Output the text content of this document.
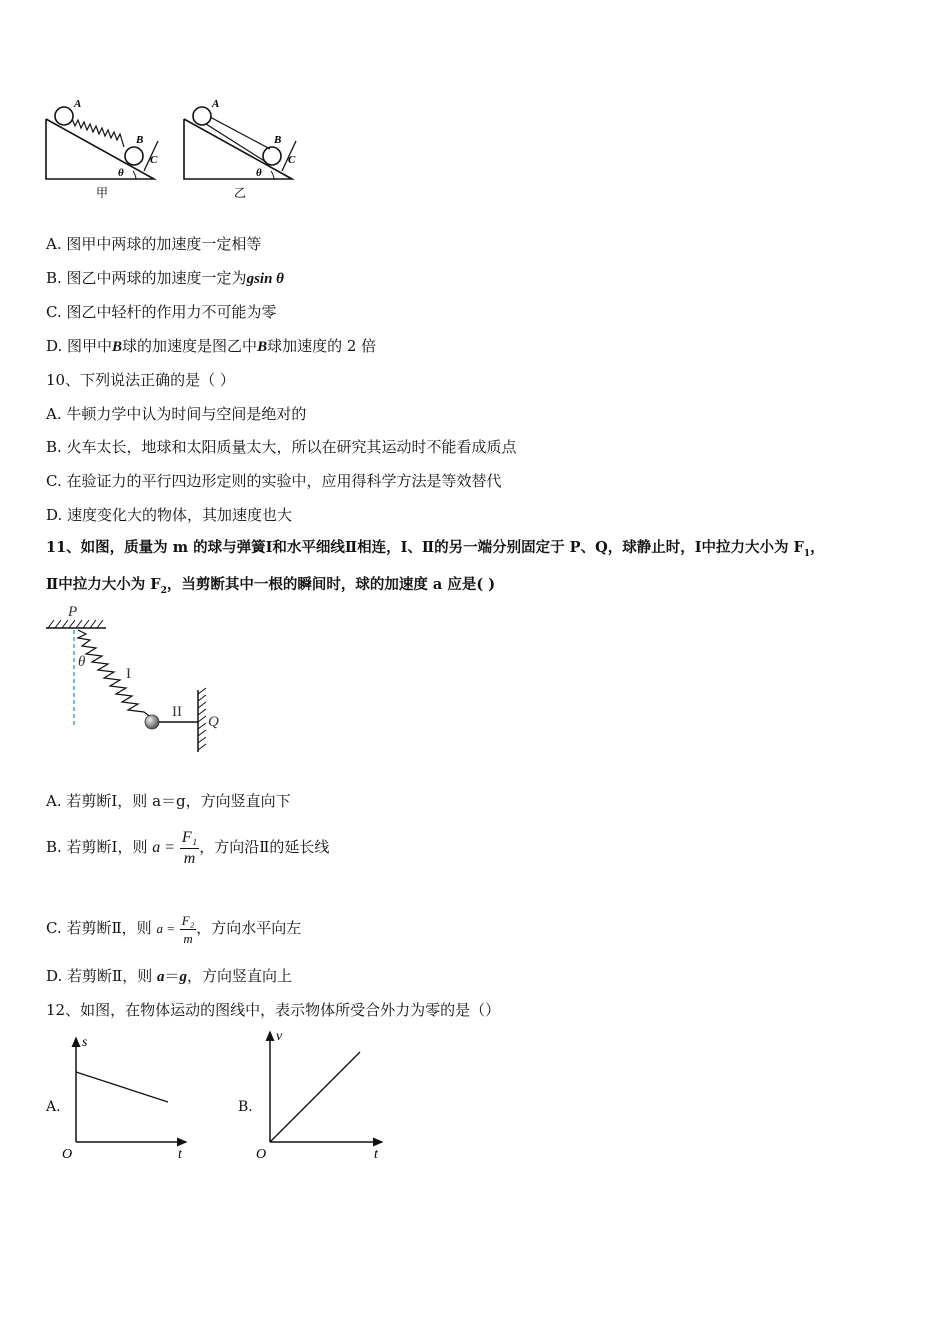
A
B
C
θ
甲
A
B
C
θ
乙
A. 图甲中两球的加速度一定相等
B. 图乙中两球的加速度一定为gsin θ
C. 图乙中轻杆的作用力不可能为零
D. 图甲中B球的加速度是图乙中B球加速度的 2 倍
10、下列说法正确的是（ ）
A. 牛顿力学中认为时间与空间是绝对的
B. 火车太长，地球和太阳质量太大，所以在研究其运动时不能看成质点
C. 在验证力的平行四边形定则的实验中，应用得科学方法是等效替代
D. 速度变化大的物体，其加速度也大
11、如图，质量为 m 的球与弹簧Ⅰ和水平细线Ⅱ相连，Ⅰ、Ⅱ的另一端分别固定于 P、Q，球静止时，Ⅰ中拉力大小为 $F_1$，
Ⅱ中拉力大小为 $F_2$，当剪断其中一根的瞬间时，球的加速度 a 应是( )
P
θ
I
II
Q
A. 若剪断Ⅰ，则 a＝g，方向竖直向下
B. 若剪断Ⅰ，则 $a = \frac{\text{F₁}}{m}$ ，方向沿Ⅱ的延长线
C. 若剪断Ⅱ，则 $a = \frac{\text{F₂}}{m}$ ，方向水平向左
D. 若剪断Ⅱ，则 a＝g，方向竖直向上
12、如图，在物体运动的图线中，表示物体所受合外力为零的是（）
A.
s
t
O
B.
v
t
O
